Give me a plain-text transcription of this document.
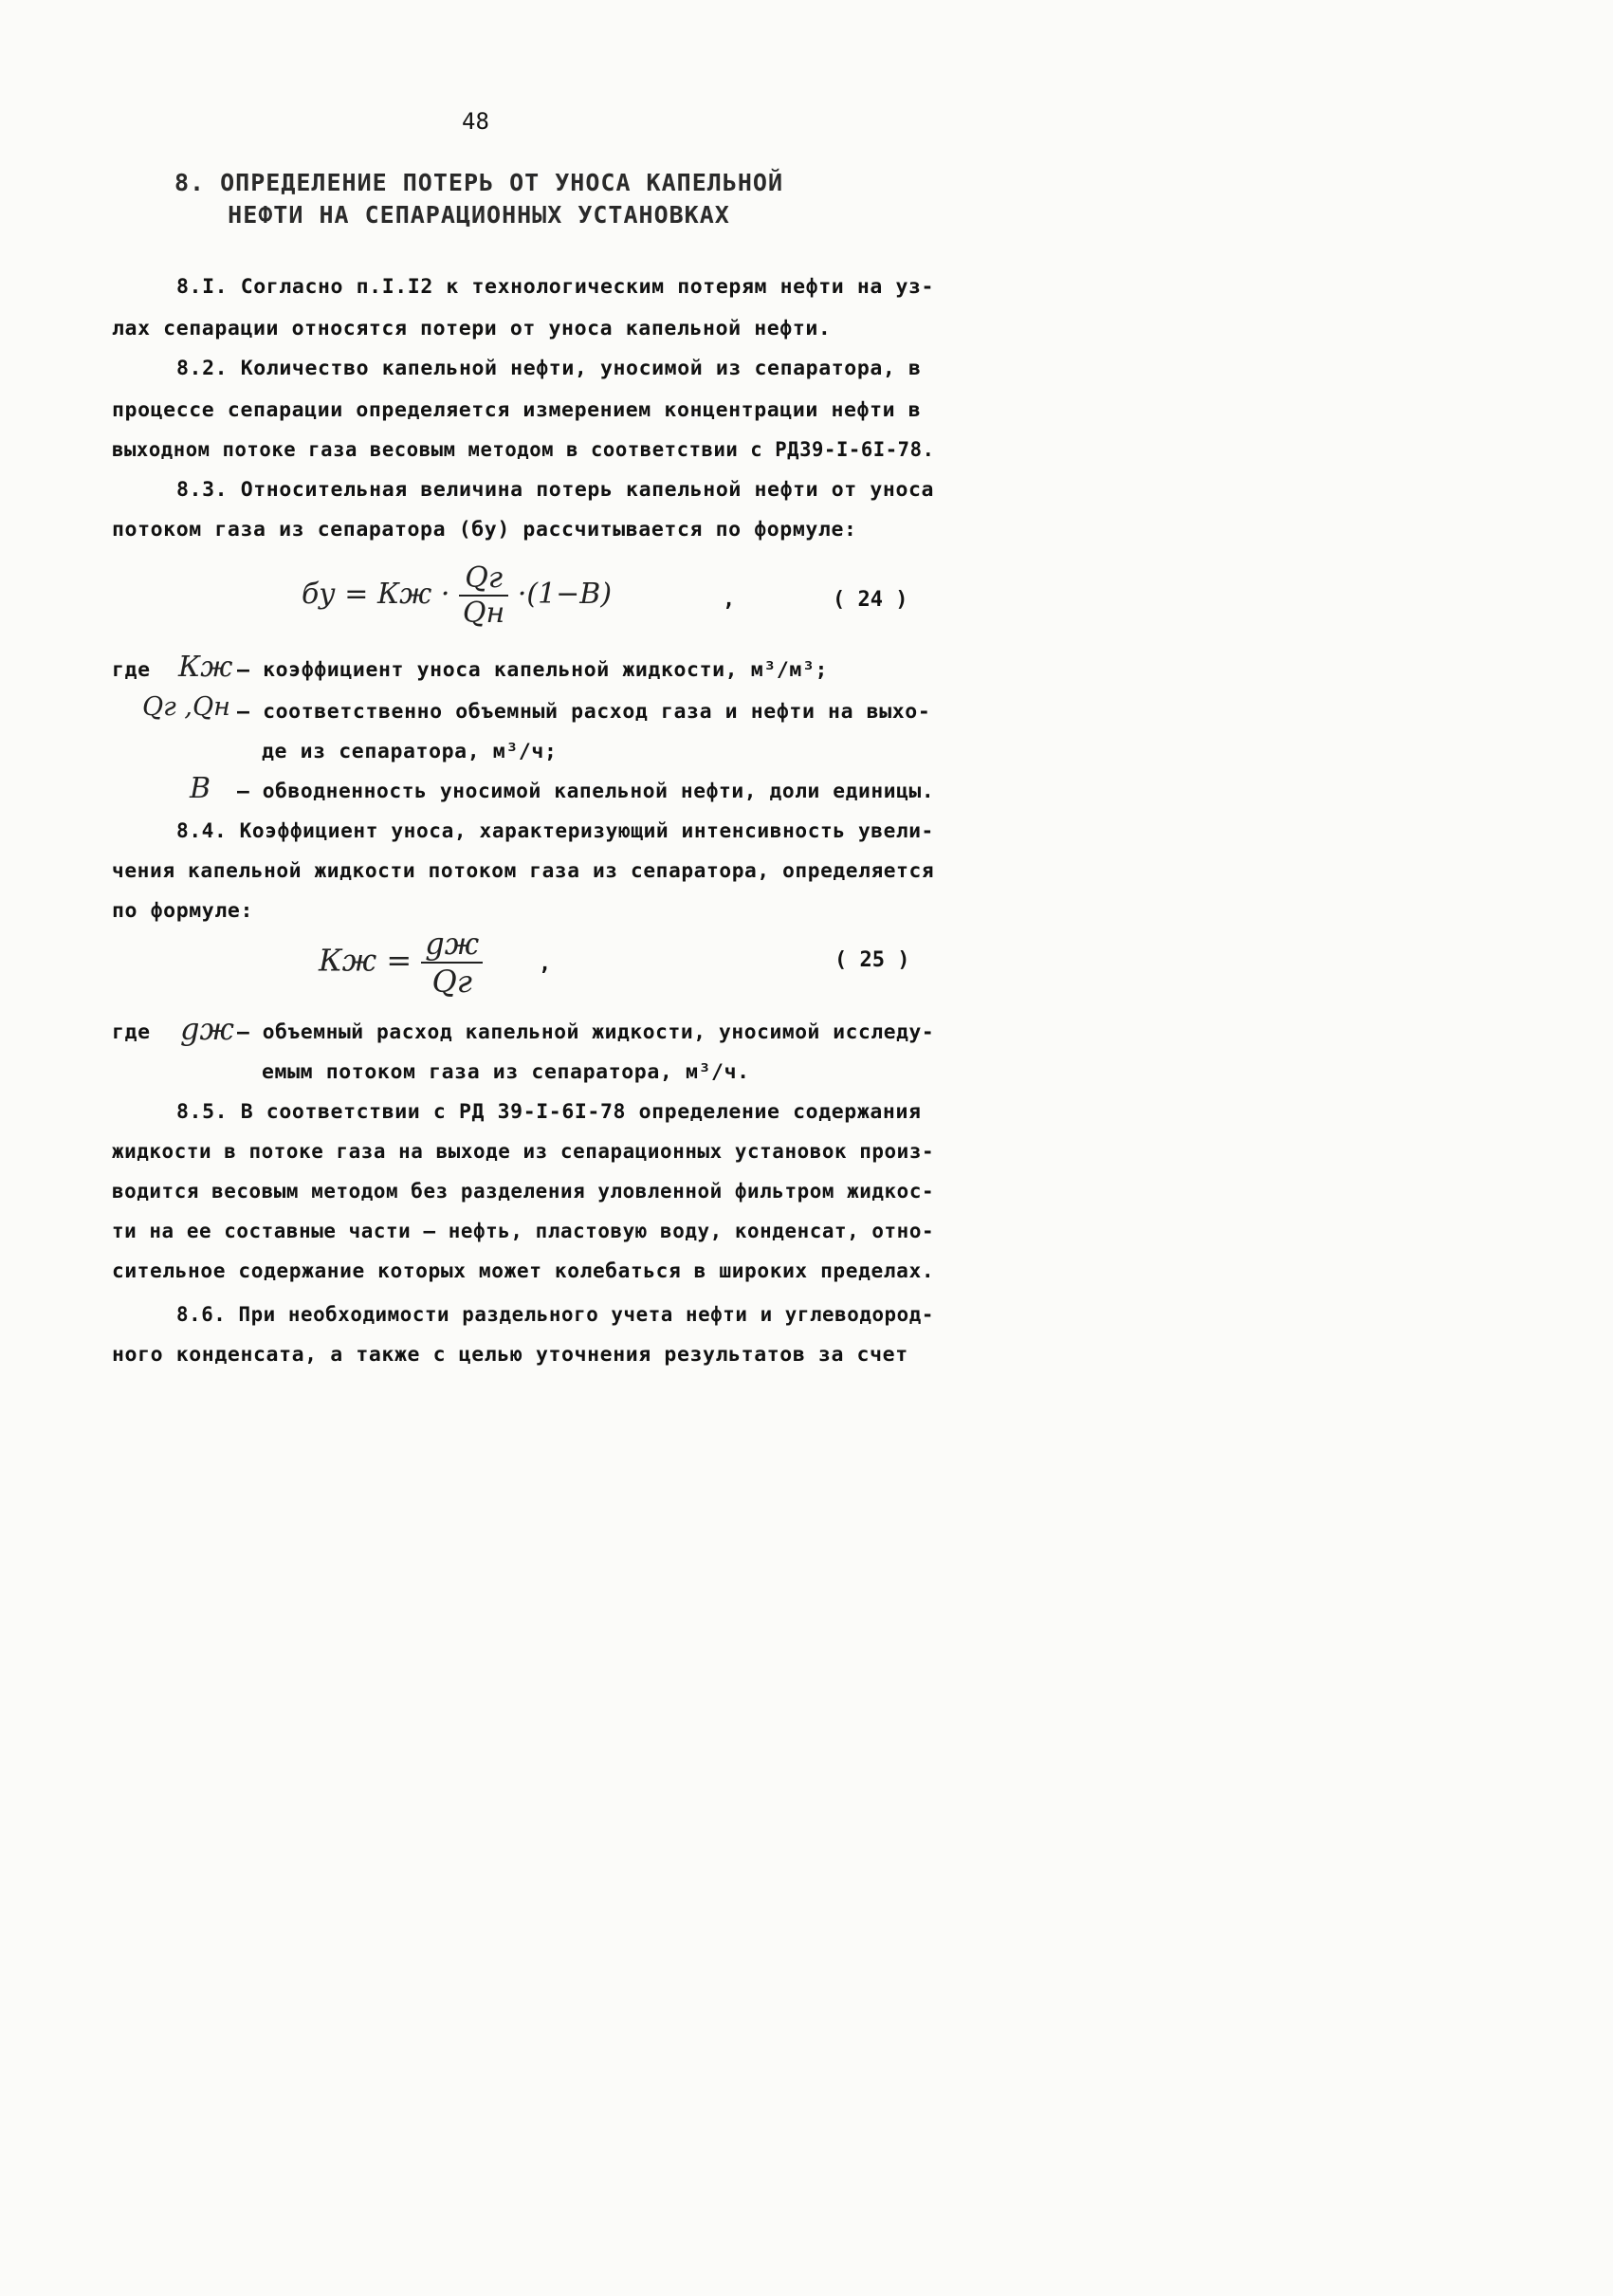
48
8. ОПРЕДЕЛЕНИЕ ПОТЕРЬ ОТ УНОСА КАПЕЛЬНОЙ
НЕФТИ НА СЕПАРАЦИОННЫХ УСТАНОВКАХ
8.I. Согласно п.I.I2 к технологическим потерям нефти на уз-
лах сепарации относятся потери от уноса капельной нефти.
8.2. Количество капельной нефти, уносимой из сепаратора, в
процессе сепарации определяется измерением концентрации нефти в
выходном потоке газа весовым методом в соответствии с РД39-I-6I-78.
8.3. Относительная величина потерь капельной нефти от уноса
потоком газа из сепаратора (бу) рассчитывается по формуле:
бу = Кж · $\frac{Qг}{Qн} \cdot(1-В)$	,	( 24 )
где Кж – коэффициент уноса капельной жидкости, м³/м³;
Qг ,Qн – соответственно объемный расход газа и нефти на выхо-
де из сепаратора, м³/ч;
В – обводненность уносимой капельной нефти, доли единицы.
8.4. Коэффициент уноса, характеризующий интенсивность увели-
чения капельной жидкости потоком газа из сепаратора, определяется
по формуле:
Кж = $\frac{gж}{Qг}$	,	( 25 )
где gж – объемный расход капельной жидкости, уносимой исследу-
емым потоком газа из сепаратора, м³/ч.
8.5. В соответствии с РД 39-I-6I-78 определение содержания
жидкости в потоке газа на выходе из сепарационных установок произ-
водится весовым методом без разделения уловленной фильтром жидкос-
ти на ее составные части – нефть, пластовую воду, конденсат, отно-
сительное содержание которых может колебаться в широких пределах.
8.6. При необходимости раздельного учета нефти и углеводород-
ного конденсата, а также с целью уточнения результатов за счет
